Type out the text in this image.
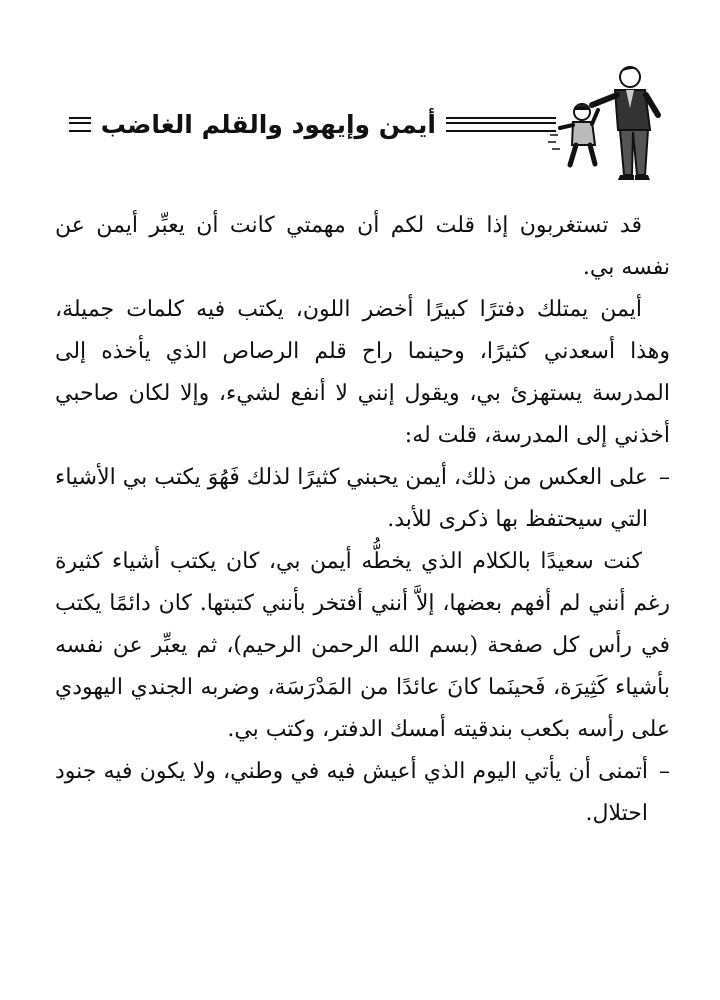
أيمن وإيهود والقلم الغاضب

قد تستغربون إذا قلت لكم أن مهمتي كانت أن يعبِّر أيمن عن نفسه بي.

أيمن يمتلك دفترًا كبيرًا أخضر اللون، يكتب فيه كلمات جميلة، وهذا أسعدني كثيرًا، وحينما راح قلم الرصاص الذي يأخذه إلى المدرسة يستهزئ بي، ويقول إنني لا أنفع لشيء، وإلا لكان صاحبي أخذني إلى المدرسة، قلت له:

–على العكس من ذلك، أيمن يحبني كثيرًا لذلك فَهُوَ يكتب بي الأشياء التي سيحتفظ بها ذكرى للأبد.

كنت سعيدًا بالكلام الذي يخطُّه أيمن بي، كان يكتب أشياء كثيرة رغم أنني لم أفهم بعضها، إلاَّ أنني أفتخر بأنني كتبتها. كان دائمًا يكتب في رأس كل صفحة (بسم الله الرحمن الرحيم)، ثم يعبِّر عن نفسه بأشياء كَثِيرَة، فَحينَما كانَ عائدًا من المَدْرَسَة، وضربه الجندي اليهودي على رأسه بكعب بندقيته أمسك الدفتر، وكتب بي.

–أتمنى أن يأتي اليوم الذي أعيش فيه في وطني، ولا يكون فيه جنود احتلال.
